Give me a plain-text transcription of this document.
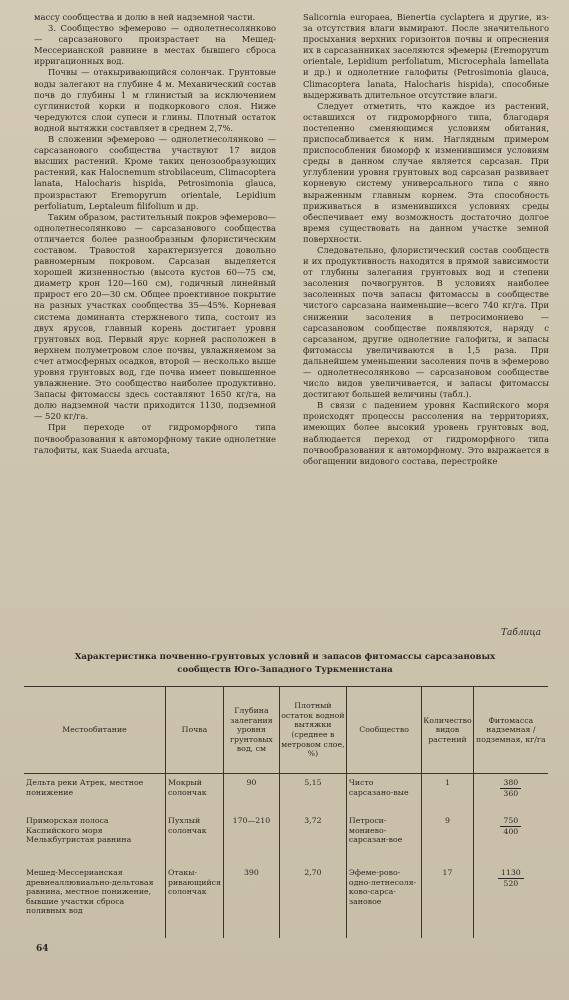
массу сообщества и долю в ней надземной части.

3. Сообщество эфемерово — однолетнесолянково — сарсазанового произрастает на Мешед-Мессерианской равнине в местах бывшего сброса ирригационных вод.

Почвы — отакыривающийся солончак. Грунтовые воды залегают на глубине 4 м. Механический состав почв до глубины 1 м глинистый за исключением суглинистой корки и подкоркового слоя. Ниже чередуются слои супеси и глины. Плотный остаток водной вытяжки составляет в среднем 2,7%.

В сложении эфемерово — однолетнесолянково — сарсазанового сообщества участвуют 17 видов высших растений. Кроме таких ценозообразующих растений, как Halocnemum strobilaceum, Climacoptera lanata, Halocharis hispida, Petrosimonia glauca, произрастают Eremopyrum orientale, Lepidium perfoliatum, Leptaleum filifolium и др.

Таким образом, растительный покров эфемерово—однолетнесолянково — сарсазанового сообщества отличается более разнообразным флористическим составом. Травостой характеризуется довольно равномерным покровом. Сарсазан выделяется хорошей жизненностью (высота кустов 60—75 см, диаметр крон 120—160 см), годичный линейный прирост его 20—30 см. Общее проективное покрытие на разных участках сообщества 35—45%. Корневая система доминанта стержневого типа, состоит из двух ярусов, главный корень достигает уровня грунтовых вод. Первый ярус корней расположен в верхнем полуметровом слое почвы, увлажняемом за счет атмосферных осадков, второй — несколько выше уровня грунтовых вод, где почва имеет повышенное увлажнение. Это сообщество наиболее продуктивно. Запасы фитомассы здесь составляют 1650 кг/га, на долю надземной части приходится 1130, подземной — 520 кг/га.

При переходе от гидроморфного типа почвообразования к автоморфному такие однолетние галофиты, как Suaeda arcuata,

Salicornia europaea, Bienertia cyclaptera и другие, из-за отсутствия влаги вымирают. После значительного просыхания верхних горизонтов почвы и опреснения их в сарсазанниках заселяются эфемеры (Eremopyrum orientale, Lepidium perfoliatum, Microcephala lamellata и др.) и однолетние галофиты (Petrosimonia glauca, Climacoptera lanata, Halocharis hispida), способные выдерживать длительное отсутствие влаги.

Следует отметить, что каждое из растений, оставшихся от гидроморфного типа, благодаря постепенно сменяющимся условиям обитания, приспосабливается к ним. Наглядным примером приспособления биоморф к изменившимся условиям среды в данном случае является сарсазан. При углублении уровня грунтовых вод сарсазан развивает корневую систему универсального типа с явно выраженным главным корнем. Эта способность приживаться в изменившихся условиях среды обеспечивает ему возможность достаточно долгое время существовать на данном участке земной поверхности.

Следовательно, флористический состав сообществ и их продуктивность находятся в прямой зависимости от глубины залегания грунтовых вод и степени засоления почвогрунтов. В условиях наиболее засоленных почв запасы фитомассы в сообществе чистого сарсазана наименьшие—всего 740 кг/га. При снижении засоления в петросимониево — сарсазановом сообществе появляются, наряду с сарсазаном, другие однолетние галофиты, и запасы фитомассы увеличиваются в 1,5 раза. При дальнейшем уменьшении засоления почв в эфемерово — однолетнесолянково — сарсазановом сообществе число видов увеличивается, и запасы фитомассы достигают большей величины (табл.).

В связи с падением уровня Каспийского моря происходят процессы рассоления на территориях, имеющих более высокий уровень грунтовых вод, наблюдается переход от гидроморфного типа почвообразования к автоморфному. Это выражается в обогащении видового состава, перестройке

Таблица
Характеристика почвенно-грунтовых условий и запасов фитомассы сарсазановых
сообществ Юго-Западного Туркменистана
Местообитание	Почва	Глубина залегания уровня грунтовых вод, см	Плотный остаток водной вытяжки (среднее в метровом слое, %)	Сообщество	Количество видов растений	Фитомасса надземная / подземная, кг/га
Дельта реки Атрек, местное понижение	Мокрый солончак	90	5,15	Чисто сарсазано-вые	1	$\frac{380}{360}$

Приморская полоса Каспийского моря Мелькбугристая равнина	Пухлый солончак	170—210	3,72	Петроси-мониево-сарсазан-вое	9	$\frac{750}{400}$

Мешед-Мессерианская древнеаллювиально-дельтовая равнина, местное понижение, бывшие участки сброса поливных вод	Отакы-ривающийся солончак	390	2,70	Эфеме-рово-одно-летнесоля-ково-сарса-зановое	17	$\frac{1130}{520}$
64
